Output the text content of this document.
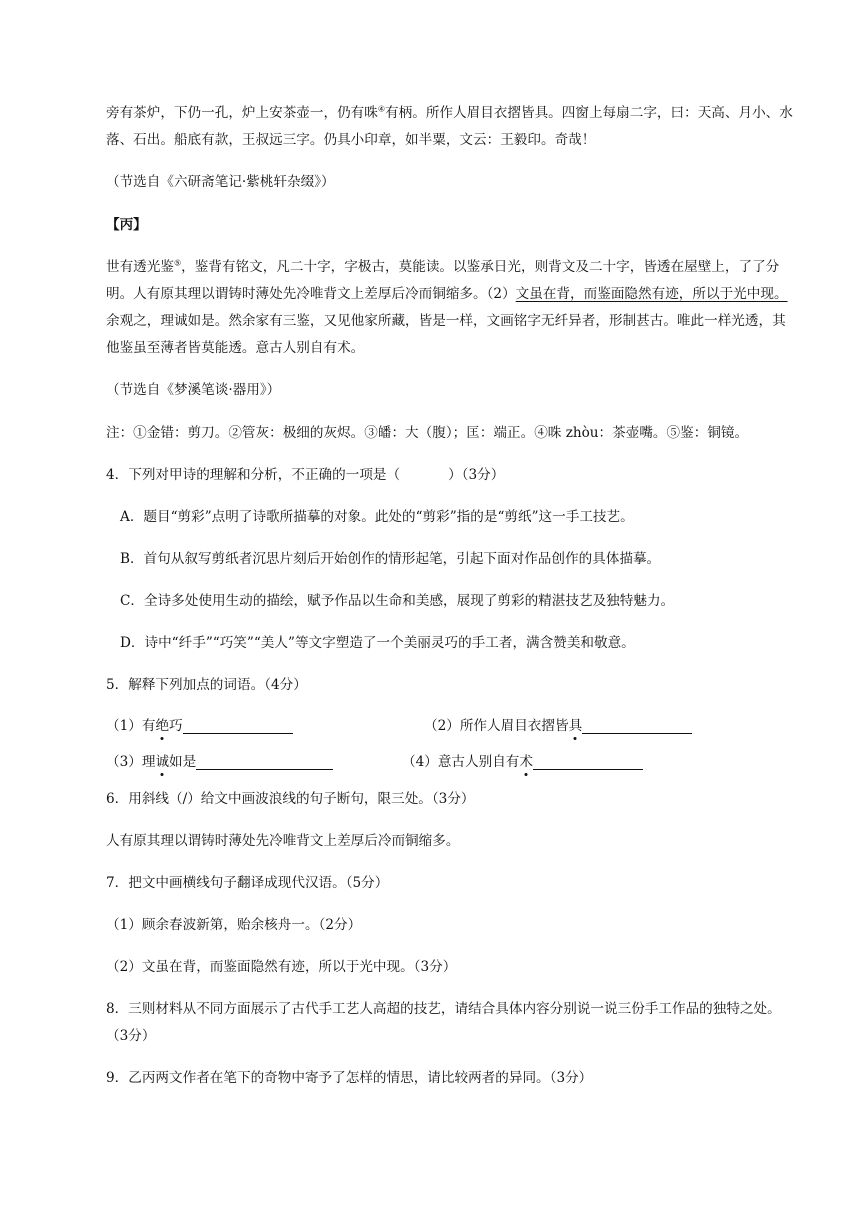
旁有茶炉，下仍一孔，炉上安茶壶一，仍有咮④有柄。所作人眉目衣摺皆具。四窗上每扇二字，曰：天高、月小、水落、石出。船底有款，王叔远三字。仍具小印章，如半粟，文云：王毅印。奇哉！

（节选自《六研斋笔记·紫桃轩杂缀》）

【丙】

世有透光鉴⑤，鉴背有铭文，凡二十字，字极古，莫能读。以鉴承日光，则背文及二十字，皆透在屋壁上，了了分明。人有原其理以谓铸时薄处先冷唯背文上差厚后冷而铜缩多。（2）文虽在背，而鉴面隐然有迹，所以于光中现。余观之，理诚如是。然余家有三鉴，又见他家所藏，皆是一样，文画铭字无纤异者，形制甚古。唯此一样光透，其他鉴虽至薄者皆莫能透。意古人别自有术。

（节选自《梦溪笔谈·器用》）

注：①金错：剪刀。②管灰：极细的灰烬。③皤：大（腹）；匡：端正。④咮 zhòu：茶壶嘴。⑤鉴：铜镜。

4．下列对甲诗的理解和分析，不正确的一项是（	）（3分）

A．题目“剪彩”点明了诗歌所描摹的对象。此处的“剪彩”指的是“剪纸”这一手工技艺。

B．首句从叙写剪纸者沉思片刻后开始创作的情形起笔，引起下面对作品创作的具体描摹。

C．全诗多处使用生动的描绘，赋予作品以生命和美感，展现了剪彩的精湛技艺及独特魅力。

D．诗中“纤手”“巧笑”“美人”等文字塑造了一个美丽灵巧的手工者，满含赞美和敬意。

5．解释下列加点的词语。（4分）

（1）有 绝 巧	（2）所作人眉目衣摺皆 具
（3）理 诚 如是	（4）意古人别自有 术

6．用斜线（/）给文中画波浪线的句子断句，限三处。（3分）

人有原其理以谓铸时薄处先冷唯背文上差厚后冷而铜缩多。

7．把文中画横线句子翻译成现代汉语。（5分）

（1）顾余春波新第，贻余核舟一。（2分）

（2）文虽在背，而鉴面隐然有迹，所以于光中现。（3分）

8．三则材料从不同方面展示了古代手工艺人高超的技艺，请结合具体内容分别说一说三份手工作品的独特之处。（3分）

9．乙丙两文作者在笔下的奇物中寄予了怎样的情思，请比较两者的异同。（3分）
